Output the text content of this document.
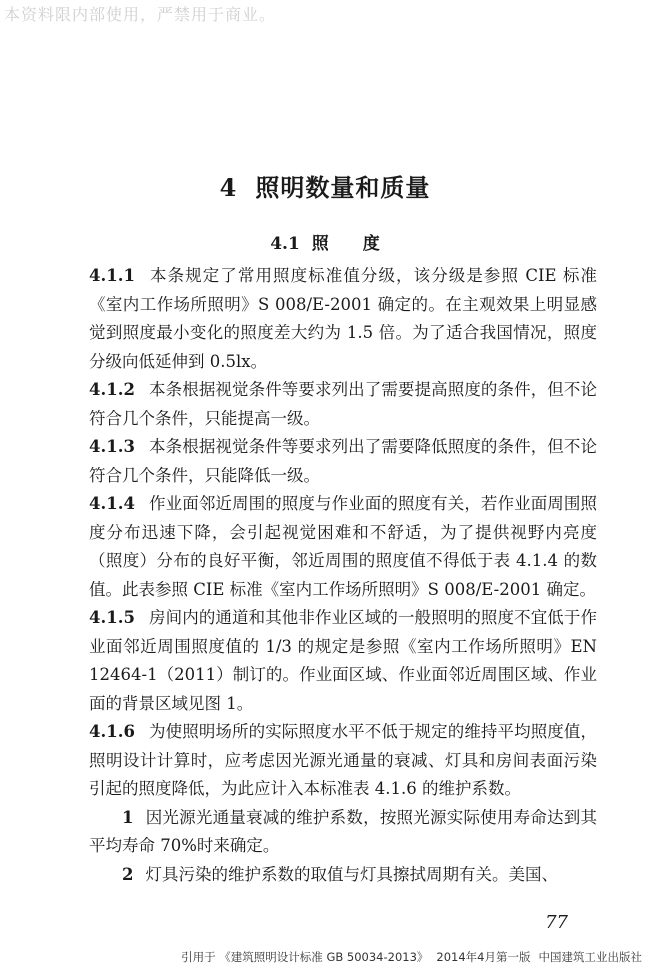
本资料限内部使用，严禁用于商业。
4 照明数量和质量
4.1 照　　度

4.1.1 本条规定了常用照度标准值分级，该分级是参照 CIE 标准《室内工作场所照明》S 008/E-2001 确定的。在主观效果上明显感觉到照度最小变化的照度差大约为 1.5 倍。为了适合我国情况，照度分级向低延伸到 0.5lx。

4.1.2 本条根据视觉条件等要求列出了需要提高照度的条件，但不论符合几个条件，只能提高一级。

4.1.3 本条根据视觉条件等要求列出了需要降低照度的条件，但不论符合几个条件，只能降低一级。

4.1.4 作业面邻近周围的照度与作业面的照度有关，若作业面周围照度分布迅速下降，会引起视觉困难和不舒适，为了提供视野内亮度（照度）分布的良好平衡，邻近周围的照度值不得低于表 4.1.4 的数值。此表参照 CIE 标准《室内工作场所照明》S 008/E-2001 确定。

4.1.5 房间内的通道和其他非作业区域的一般照明的照度不宜低于作业面邻近周围照度值的 1/3 的规定是参照《室内工作场所照明》EN 12464-1（2011）制订的。作业面区域、作业面邻近周围区域、作业面的背景区域见图 1。

4.1.6 为使照明场所的实际照度水平不低于规定的维持平均照度值，照明设计计算时，应考虑因光源光通量的衰减、灯具和房间表面污染引起的照度降低，为此应计入本标准表 4.1.6 的维护系数。

1 因光源光通量衰减的维护系数，按照光源实际使用寿命达到其平均寿命 70%时来确定。

2 灯具污染的维护系数的取值与灯具擦拭周期有关。美国、

77
引用于 《建筑照明设计标准 GB 50034-2013》 2014年4月第一版 中国建筑工业出版社
